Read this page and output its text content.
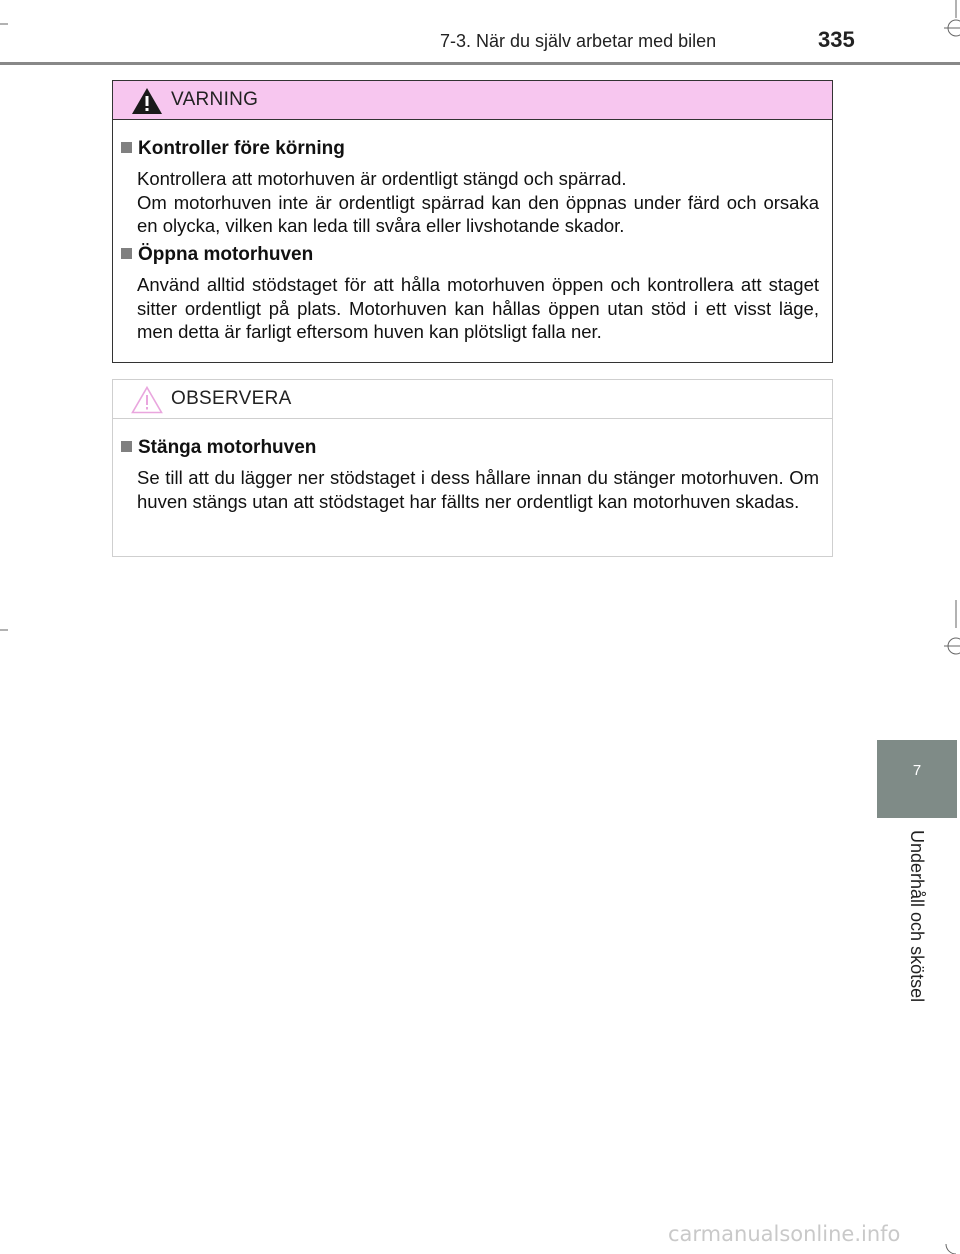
7-3. När du själv arbetar med bilen	335
VARNING
Kontroller före körning
Kontrollera att motorhuven är ordentligt stängd och spärrad.
Om motorhuven inte är ordentligt spärrad kan den öppnas under färd och orsaka en olycka, vilken kan leda till svåra eller livshotande skador.
Öppna motorhuven
Använd alltid stödstaget för att hålla motorhuven öppen och kontrollera att staget sitter ordentligt på plats. Motorhuven kan hållas öppen utan stöd i ett visst läge, men detta är farligt eftersom huven kan plötsligt falla ner.
OBSERVERA
Stänga motorhuven
Se till att du lägger ner stödstaget i dess hållare innan du stänger motorhuven. Om huven stängs utan att stödstaget har fällts ner ordentligt kan motorhuven skadas.
7
Underhåll och skötsel
carmanualsonline.info
